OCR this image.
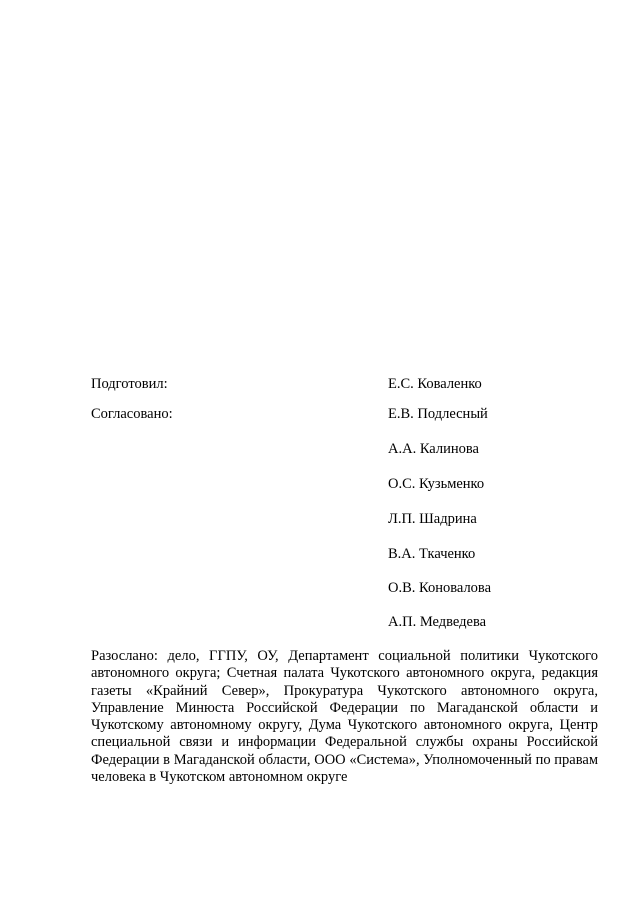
Подготовил:	Е.С. Коваленко
Согласовано:	Е.В. Подлесный
А.А. Калинова
О.С. Кузьменко
Л.П. Шадрина
В.А. Ткаченко
О.В. Коновалова
А.П. Медведева
Разослано: дело, ГГПУ, ОУ, Департамент социальной политики Чукотского автономного округа; Счетная палата Чукотского автономного округа, редакция газеты «Крайний Север», Прокуратура Чукотского автономного округа, Управление Минюста Российской Федерации по Магаданской области и Чукотскому автономному округу, Дума Чукотского автономного округа, Центр специальной связи и информации Федеральной службы охраны Российской Федерации в Магаданской области, ООО «Система», Уполномоченный по правам человека в Чукотском автономном округе
